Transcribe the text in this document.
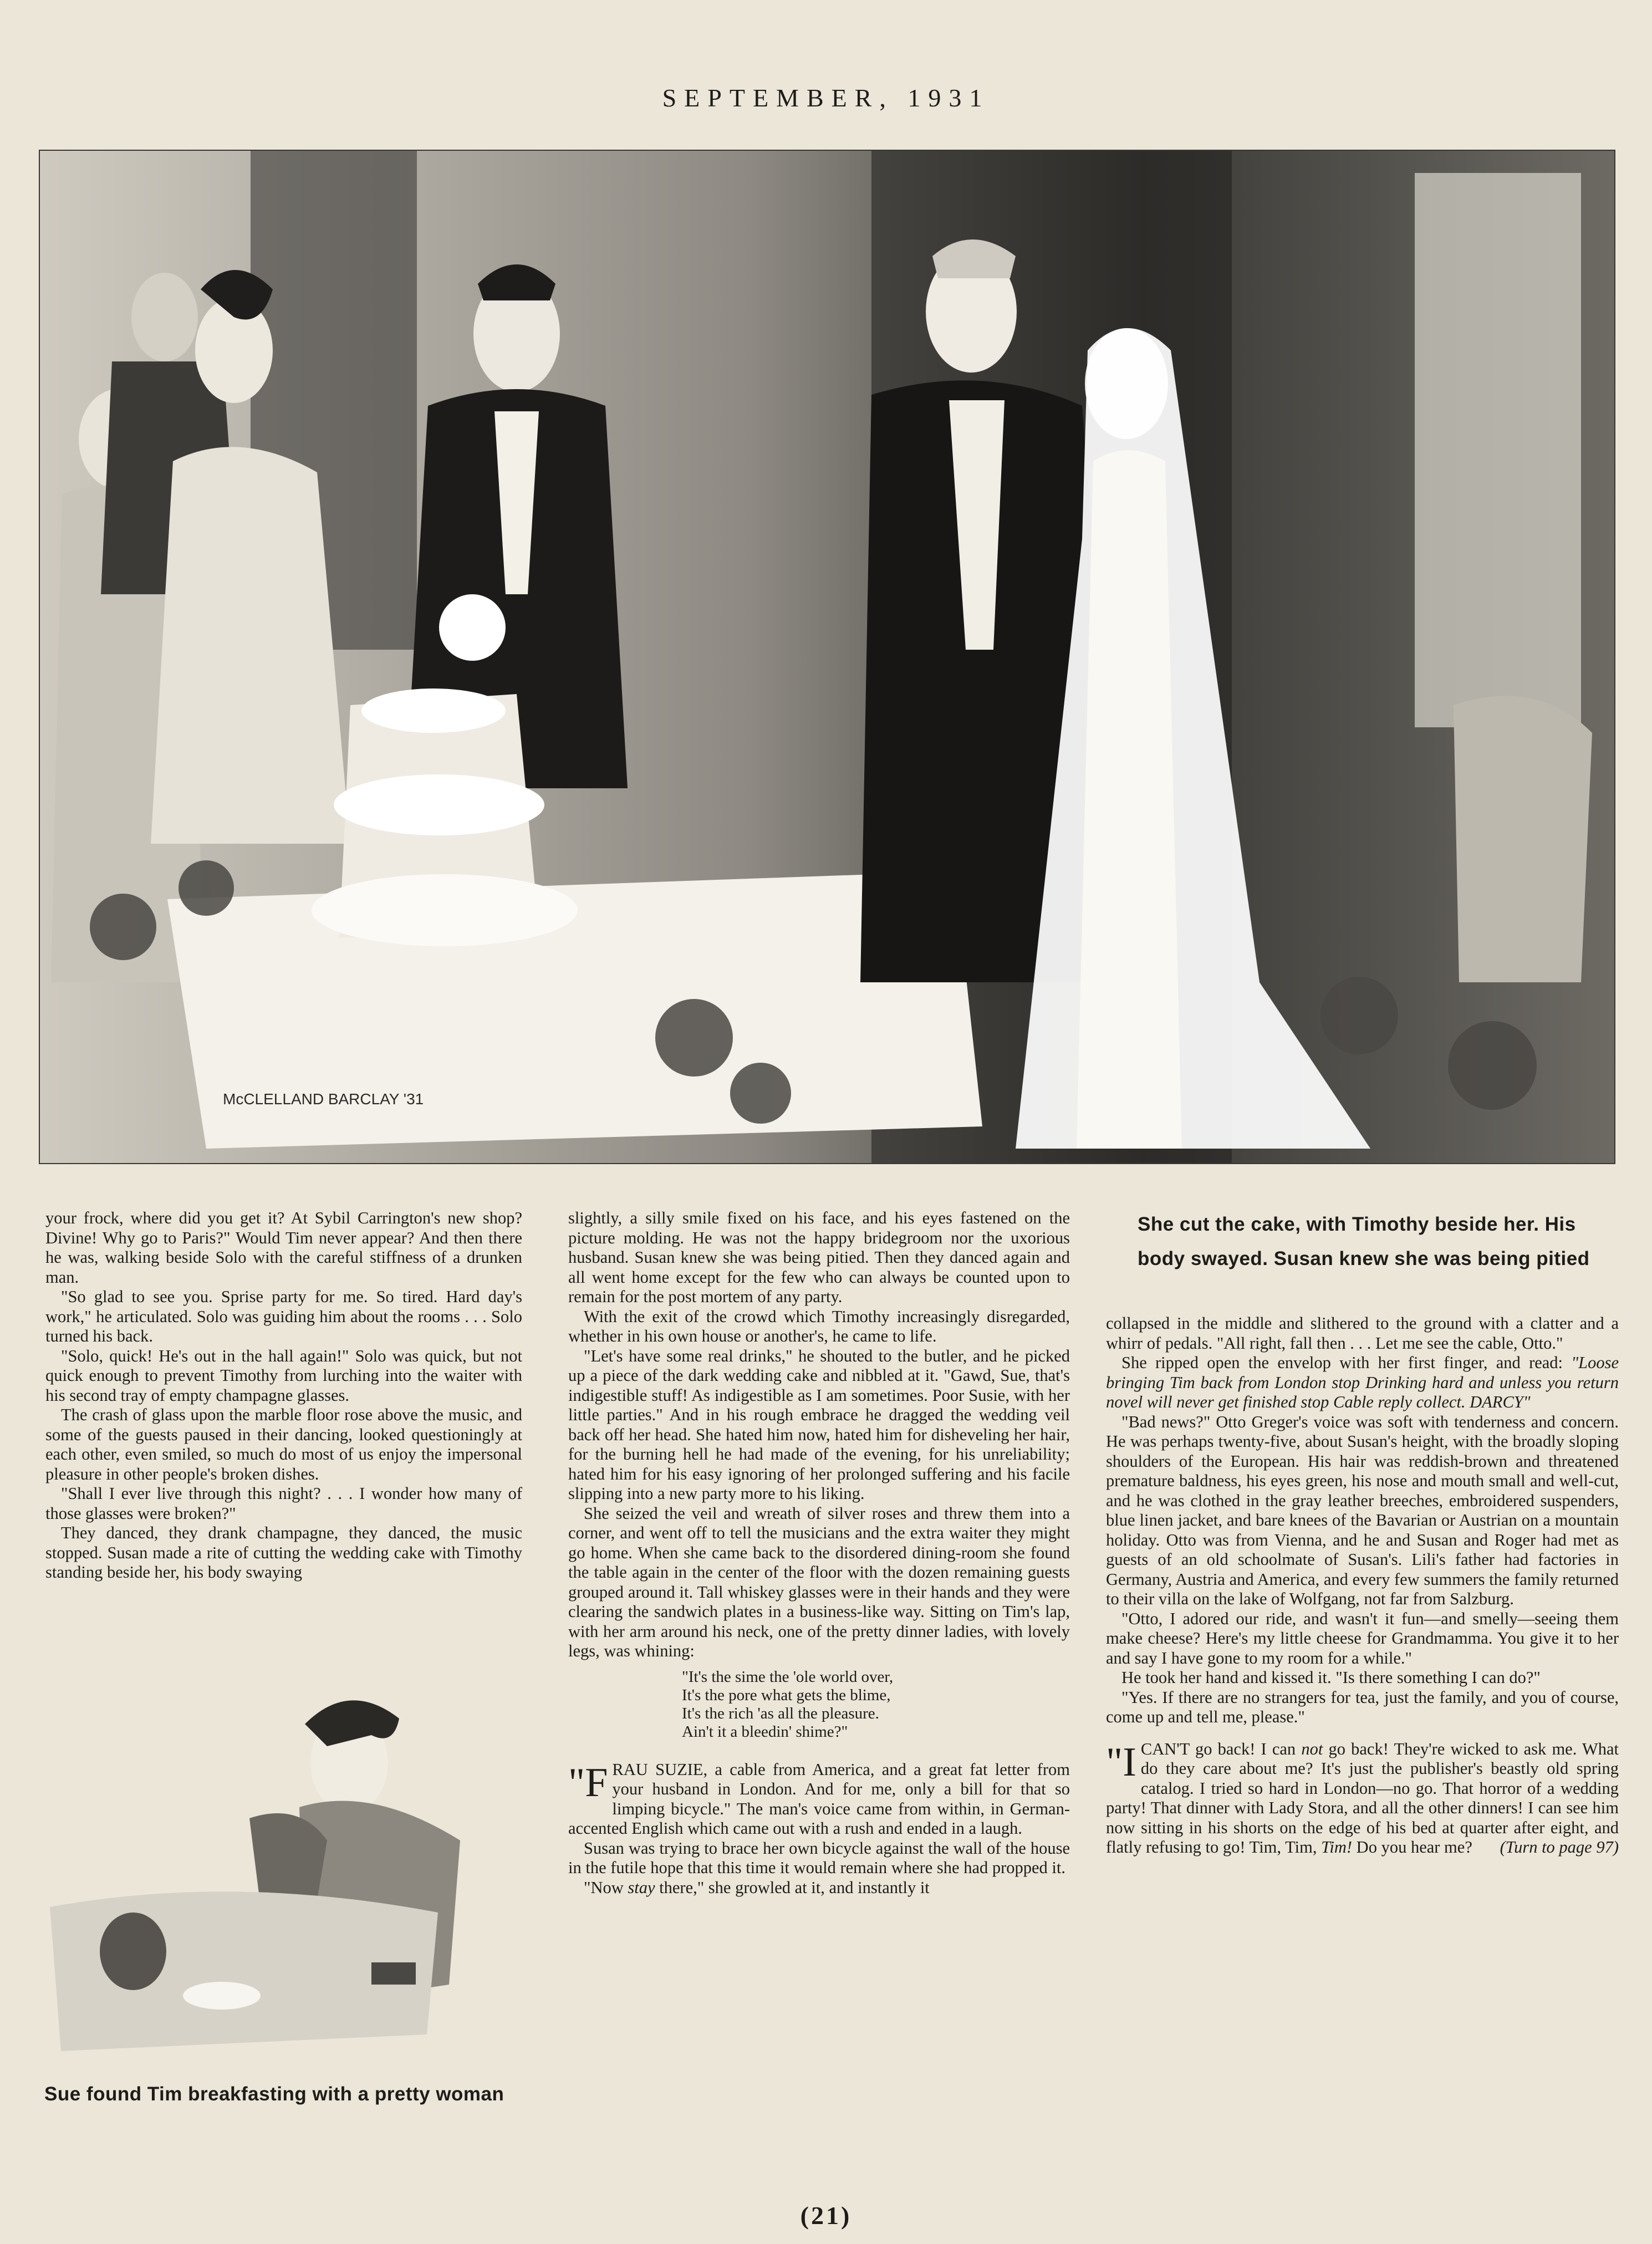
SEPTEMBER, 1931
McCLELLAND BARCLAY '31
She cut the cake, with Timothy beside her. His body swayed. Susan knew she was being pitied

your frock, where did you get it? At Sybil Carrington's new shop? Divine! Why go to Paris?" Would Tim never appear? And then there he was, walking beside Solo with the careful stiffness of a drunken man.

"So glad to see you. Sprise party for me. So tired. Hard day's work," he articulated. Solo was guiding him about the rooms . . . Solo turned his back.

"Solo, quick! He's out in the hall again!" Solo was quick, but not quick enough to prevent Timothy from lurching into the waiter with his second tray of empty champagne glasses.

The crash of glass upon the marble floor rose above the music, and some of the guests paused in their dancing, looked questioningly at each other, even smiled, so much do most of us enjoy the impersonal pleasure in other people's broken dishes.

"Shall I ever live through this night? . . . I wonder how many of those glasses were broken?"

They danced, they drank champagne, they danced, the music stopped. Susan made a rite of cutting the wedding cake with Timothy standing beside her, his body swaying

Sue found Tim breakfasting with a pretty woman

slightly, a silly smile fixed on his face, and his eyes fastened on the picture molding. He was not the happy bridegroom nor the uxorious husband. Susan knew she was being pitied. Then they danced again and all went home except for the few who can always be counted upon to remain for the post mortem of any party.

With the exit of the crowd which Timothy increasingly disregarded, whether in his own house or another's, he came to life.

"Let's have some real drinks," he shouted to the butler, and he picked up a piece of the dark wedding cake and nibbled at it. "Gawd, Sue, that's indigestible stuff! As indigestible as I am sometimes. Poor Susie, with her little parties." And in his rough embrace he dragged the wedding veil back off her head. She hated him now, hated him for disheveling her hair, for the burning hell he had made of the evening, for his unreliability; hated him for his easy ignoring of her prolonged suffering and his facile slipping into a new party more to his liking.

She seized the veil and wreath of silver roses and threw them into a corner, and went off to tell the musicians and the extra waiter they might go home. When she came back to the disordered dining-room she found the table again in the center of the floor with the dozen remaining guests grouped around it. Tall whiskey glasses were in their hands and they were clearing the sandwich plates in a business-like way. Sitting on Tim's lap, with her arm around his neck, one of the pretty dinner ladies, with lovely legs, was whining:

"It's the sime the 'ole world over,
It's the pore what gets the blime,
It's the rich 'as all the pleasure.
Ain't it a bleedin' shime?"

"FRAU SUZIE, a cable from America, and a great fat letter from your husband in London. And for me, only a bill for that so limping bicycle." The man's voice came from within, in German-accented English which came out with a rush and ended in a laugh.

Susan was trying to brace her own bicycle against the wall of the house in the futile hope that this time it would remain where she had propped it.

"Now stay there," she growled at it, and instantly it

collapsed in the middle and slithered to the ground with a clatter and a whirr of pedals. "All right, fall then . . . Let me see the cable, Otto."

She ripped open the envelop with her first finger, and read: "Loose bringing Tim back from London stop Drinking hard and unless you return novel will never get finished stop Cable reply collect. DARCY"

"Bad news?" Otto Greger's voice was soft with tenderness and concern. He was perhaps twenty-five, about Susan's height, with the broadly sloping shoulders of the European. His hair was reddish-brown and threatened premature baldness, his eyes green, his nose and mouth small and well-cut, and he was clothed in the gray leather breeches, embroidered suspenders, blue linen jacket, and bare knees of the Bavarian or Austrian on a mountain holiday. Otto was from Vienna, and he and Susan and Roger had met as guests of an old schoolmate of Susan's. Lili's father had factories in Germany, Austria and America, and every few summers the family returned to their villa on the lake of Wolfgang, not far from Salzburg.

"Otto, I adored our ride, and wasn't it fun—and smelly—seeing them make cheese? Here's my little cheese for Grandmamma. You give it to her and say I have gone to my room for a while."

He took her hand and kissed it. "Is there something I can do?"

"Yes. If there are no strangers for tea, just the family, and you of course, come up and tell me, please."

"I CAN'T go back! I can not go back! They're wicked to ask me. What do they care about me? It's just the publisher's beastly old spring catalog. I tried so hard in London—no go. That horror of a wedding party! That dinner with Lady Stora, and all the other dinners! I can see him now sitting in his shorts on the edge of his bed at quarter after eight, and flatly refusing to go! Tim, Tim, Tim! Do you hear me? (Turn to page 97)

(21)
